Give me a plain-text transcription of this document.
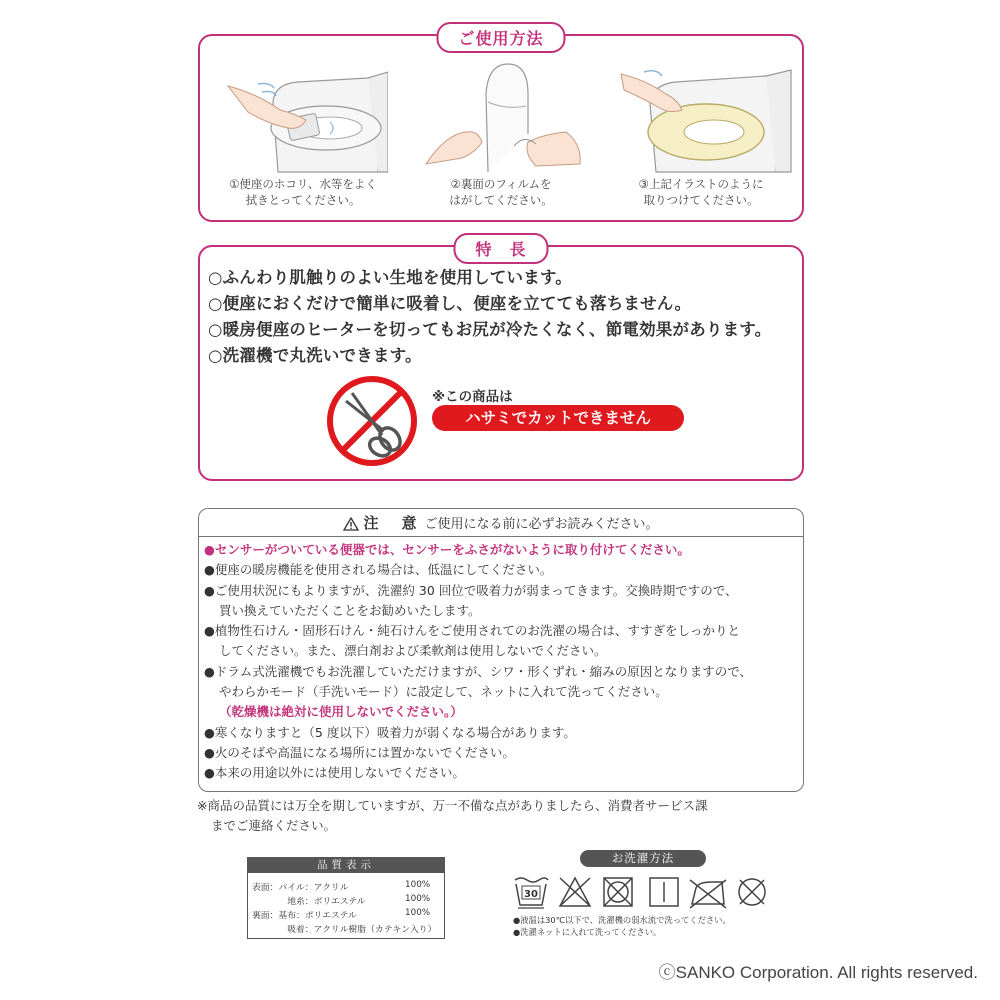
ご使用方法
①便座のホコリ、水等をよく
拭きとってください。
②裏面のフィルムを
はがしてください。
③上記イラストのように
取りつけてください。
特　長
○ふんわり肌触りのよい生地を使用しています。
○便座におくだけで簡単に吸着し、便座を立てても落ちません。
○暖房便座のヒーターを切ってもお尻が冷たくなく、節電効果があります。
○洗濯機で丸洗いできます。
※この商品は
ハサミでカットできません
注　意 ご使用になる前に必ずお読みください。
●センサーがついている便器では、センサーをふさがないように取り付けてください。
●便座の暖房機能を使用される場合は、低温にしてください。
●ご使用状況にもよりますが、洗濯約 30 回位で吸着力が弱まってきます。交換時期ですので、
買い換えていただくことをお勧めいたします。
●植物性石けん・固形石けん・純石けんをご使用されてのお洗濯の場合は、すすぎをしっかりと
してください。また、漂白剤および柔軟剤は使用しないでください。
●ドラム式洗濯機でもお洗濯していただけますが、シワ・形くずれ・縮みの原因となりますので、
やわらかモード（手洗いモード）に設定して、ネットに入れて洗ってください。
（乾燥機は絶対に使用しないでください。）
●寒くなりますと（5 度以下）吸着力が弱くなる場合があります。
●火のそばや高温になる場所には置かないでください。
●本来の用途以外には使用しないでください。
※商品の品質には万全を期していますが、万一不備な点がありましたら、消費者サービス課
までご連絡ください。
品質表示
表面：パイル：アクリル	100%
　　　　地糸：ポリエステル	100%
裏面：基布：ポリエステル	100%
　　　　吸着：アクリル樹脂（カテキン入り）
お洗濯方法
30
●液温は30℃以下で、洗濯機の弱水流で洗ってください。
●洗濯ネットに入れて洗ってください。
ⓒSANKO Corporation. All rights reserved.
